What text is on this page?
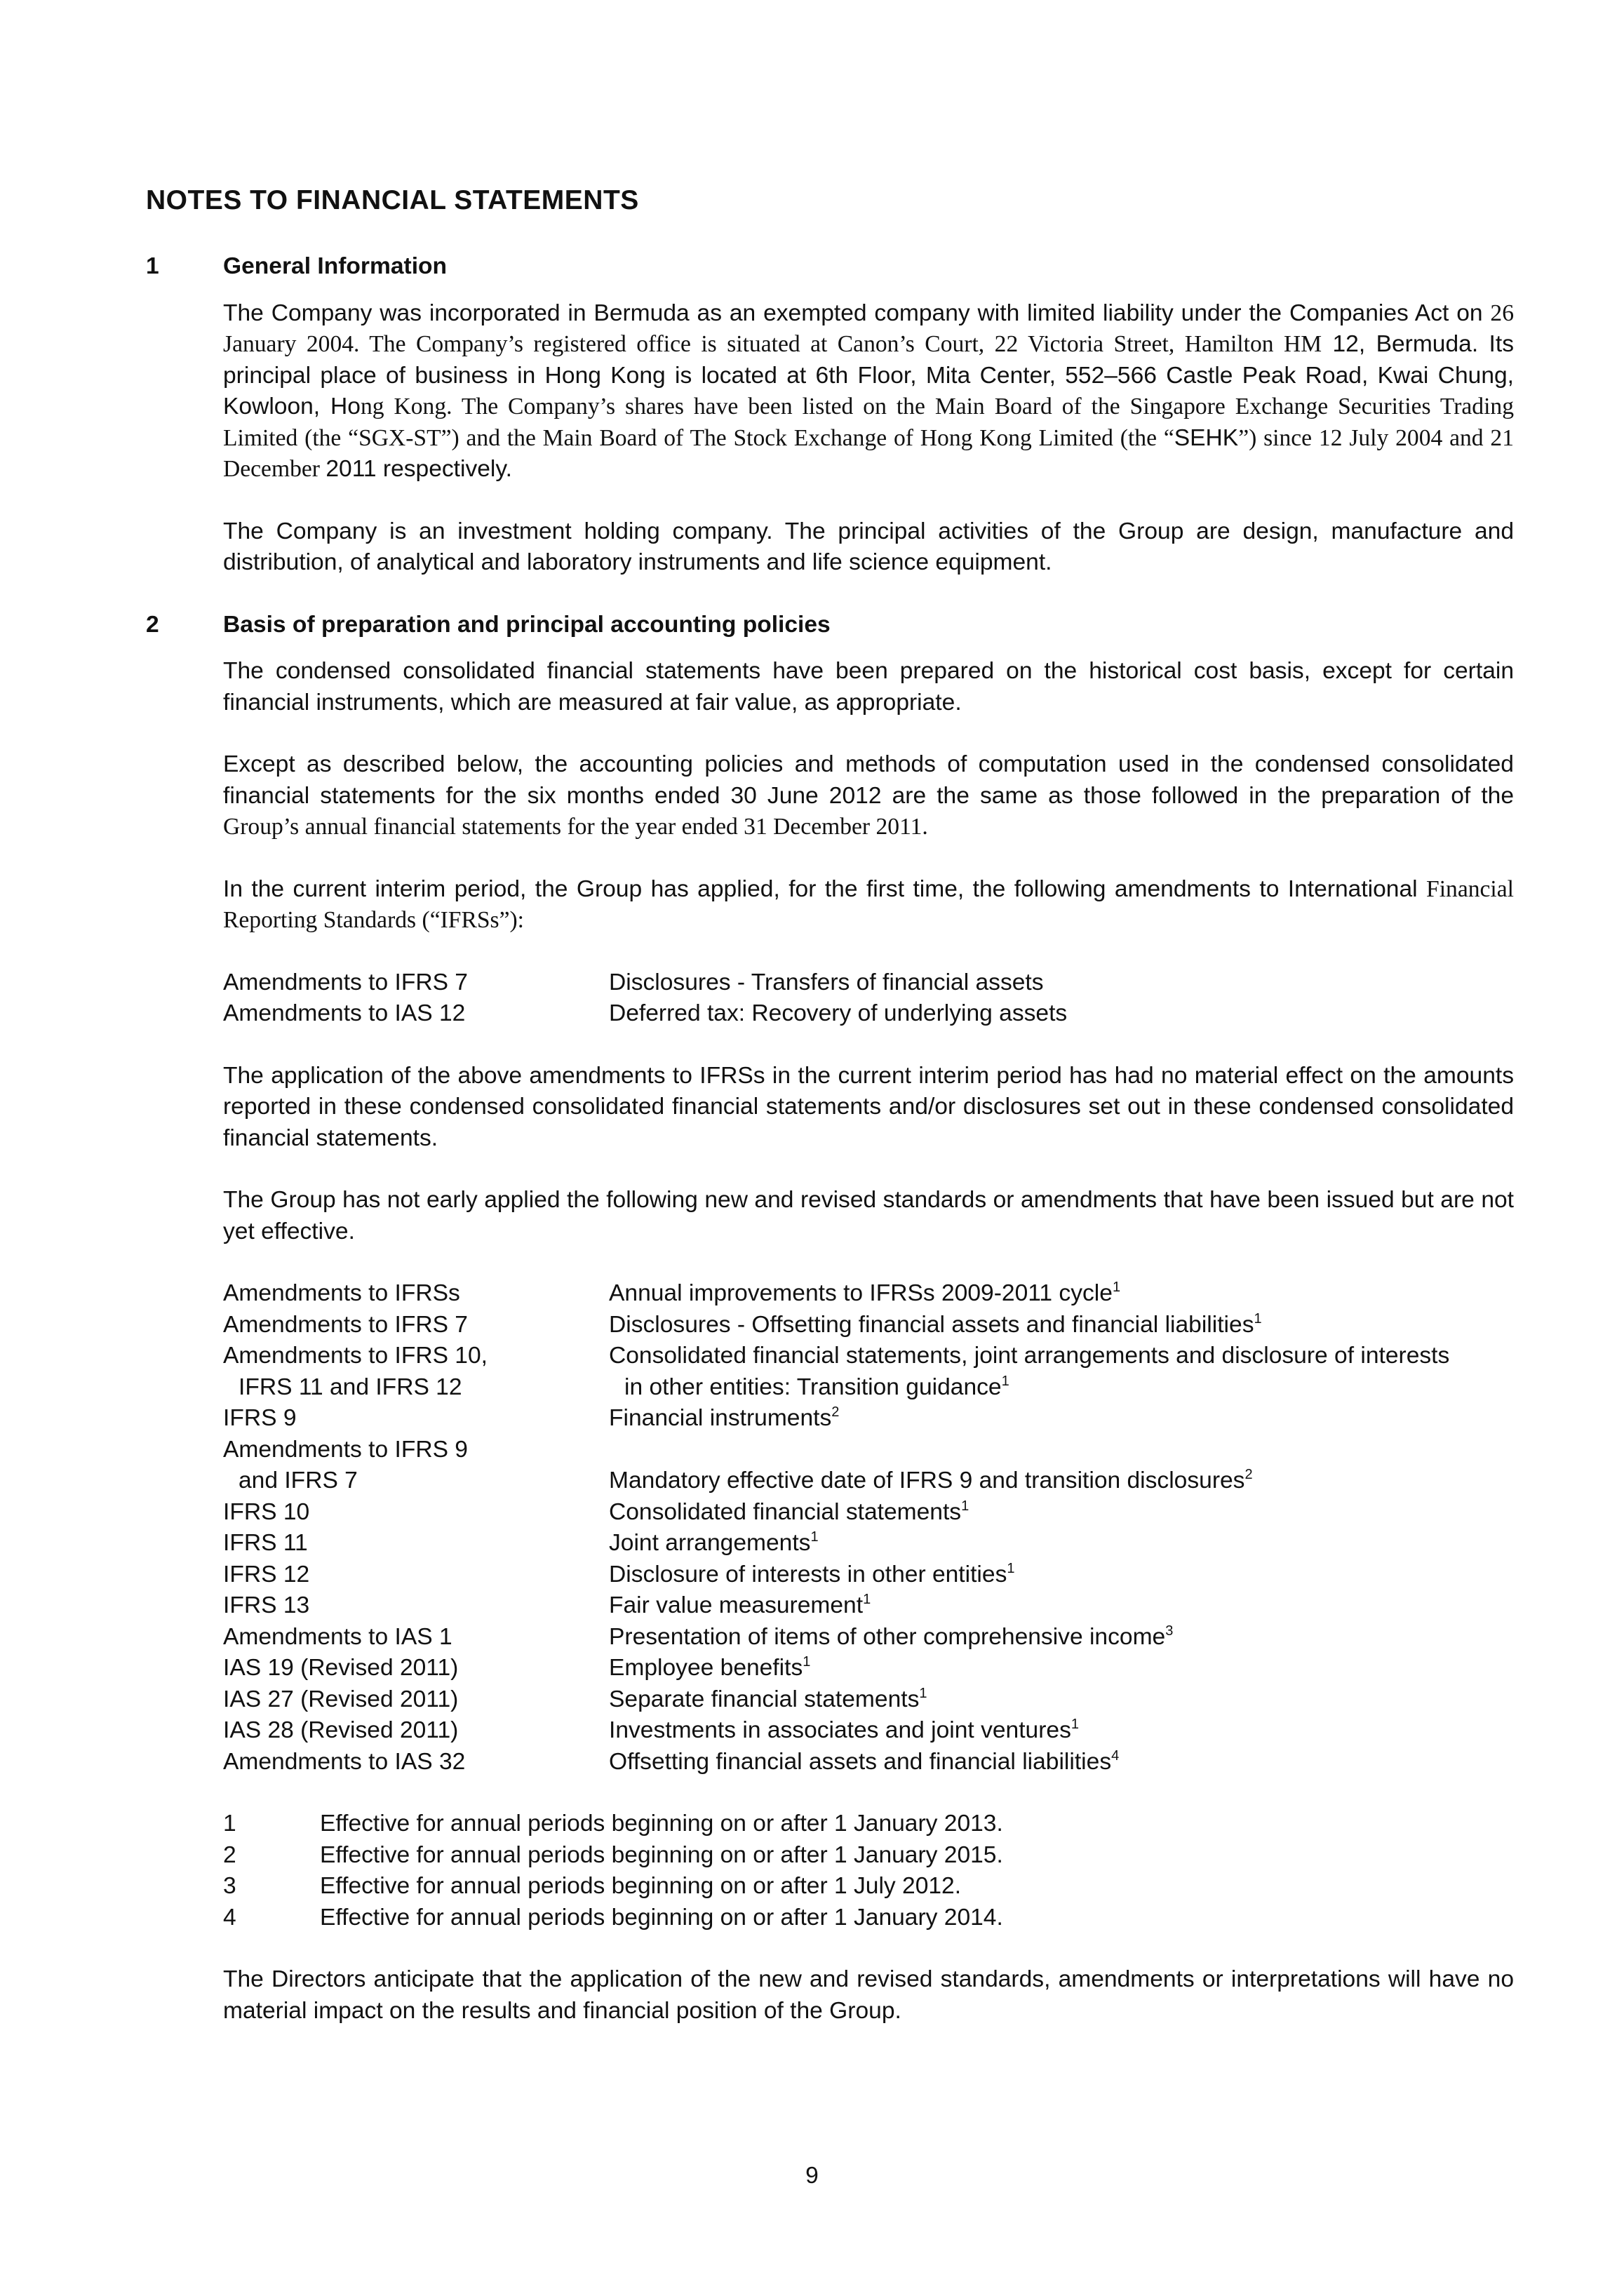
NOTES TO FINANCIAL STATEMENTS
1	General Information

The Company was incorporated in Bermuda as an exempted company with limited liability under the Companies Act on 26 January 2004. The Company’s registered office is situated at Canon’s Court, 22 Victoria Street, Hamilton HM 12, Bermuda. Its principal place of business in Hong Kong is located at 6th Floor, Mita Center, 552–566 Castle Peak Road, Kwai Chung, Kowloon, Hong Kong. The Company’s shares have been listed on the Main Board of the Singapore Exchange Securities Trading Limited (the “SGX-ST”) and the Main Board of The Stock Exchange of Hong Kong Limited (the “SEHK”) since 12 July 2004 and 21 December 2011 respectively.

The Company is an investment holding company. The principal activities of the Group are design, manufacture and distribution, of analytical and laboratory instruments and life science equipment.

2	Basis of preparation and principal accounting policies

The condensed consolidated financial statements have been prepared on the historical cost basis, except for certain financial instruments, which are measured at fair value, as appropriate.

Except as described below, the accounting policies and methods of computation used in the condensed consolidated financial statements for the six months ended 30 June 2012 are the same as those followed in the preparation of the Group’s annual financial statements for the year ended 31 December 2011.

In the current interim period, the Group has applied, for the first time, the following amendments to International Financial Reporting Standards (“IFRSs”):

Amendments to IFRS 7	Disclosures - Transfers of financial assets
Amendments to IAS 12	Deferred tax: Recovery of underlying assets

The application of the above amendments to IFRSs in the current interim period has had no material effect on the amounts reported in these condensed consolidated financial statements and/or disclosures set out in these condensed consolidated financial statements.

The Group has not early applied the following new and revised standards or amendments that have been issued but are not yet effective.

Amendments to IFRSs	Annual improvements to IFRSs 2009-2011 cycle$^1$
Amendments to IFRS 7	Disclosures - Offsetting financial assets and financial liabilities$^1$
Amendments to IFRS 10,	Consolidated financial statements, joint arrangements and disclosure of interests
IFRS 11 and IFRS 12	in other entities: Transition guidance$^1$
IFRS 9	Financial instruments$^2$
Amendments to IFRS 9
and IFRS 7	Mandatory effective date of IFRS 9 and transition disclosures$^2$
IFRS 10	Consolidated financial statements$^1$
IFRS 11	Joint arrangements$^1$
IFRS 12	Disclosure of interests in other entities$^1$
IFRS 13	Fair value measurement$^1$
Amendments to IAS 1	Presentation of items of other comprehensive income$^3$
IAS 19 (Revised 2011)	Employee benefits$^1$
IAS 27 (Revised 2011)	Separate financial statements$^1$
IAS 28 (Revised 2011)	Investments in associates and joint ventures$^1$
Amendments to IAS 32	Offsetting financial assets and financial liabilities$^4$
1	Effective for annual periods beginning on or after 1 January 2013.
2	Effective for annual periods beginning on or after 1 January 2015.
3	Effective for annual periods beginning on or after 1 July 2012.
4	Effective for annual periods beginning on or after 1 January 2014.

The Directors anticipate that the application of the new and revised standards, amendments or interpretations will have no material impact on the results and financial position of the Group.

9
